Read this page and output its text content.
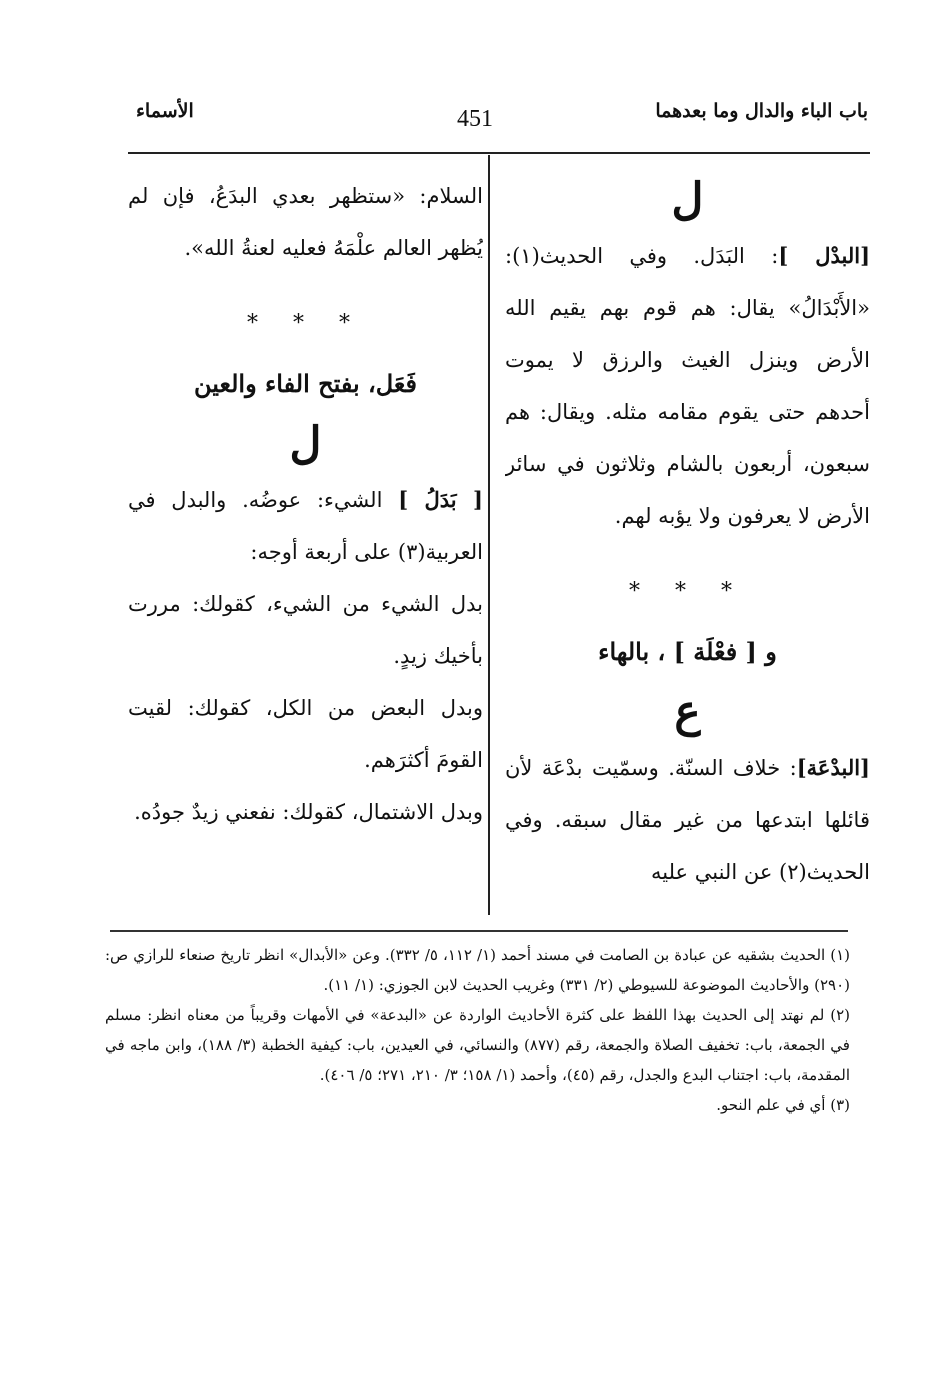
باب الباء والدال وما بعدهما
451
الأسماء
ل

[البدْل ]: البَدَل. وفي الحديث(١): «الأَبْدَالُ» يقال: هم قوم بهم يقيم الله الأرض وينزل الغيث والرزق لا يموت أحدهم حتى يقوم مقامه مثله. ويقال: هم سبعون، أربعون بالشام وثلاثون في سائر الأرض لا يعرفون ولا يؤبه لهم.

* * *
و [ فعْلَة ] ، بالهاء
ع

[البدْعَة]: خلاف السنّة. وسمّيت بدْعَة لأن قائلها ابتدعها من غير مقال سبقه. وفي الحديث(٢) عن النبي عليه

السلام: «ستظهر بعدي البدَعُ، فإن لم يُظهر العالم علْمَهُ فعليه لعنةُ الله».

* * *
فَعَل، بفتح الفاء والعين
ل

[ بَدَلُ ] الشيء: عوضُه. والبدل في العربية(٣) على أربعة أوجه:

بدل الشيء من الشيء، كقولك: مررت بأخيك زيدٍ.

وبدل البعض من الكل، كقولك: لقيت القومَ أكثرَهم.

وبدل الاشتمال، كقولك: نفعني زيدٌ جودُه.

(١) الحديث بشقيه عن عبادة بن الصامت في مسند أحمد (١/ ١١٢، ٥/ ٣٣٢). وعن «الأبدال» انظر تاريخ صنعاء للرازي ص: (٢٩٠) والأحاديث الموضوعة للسيوطي (٢/ ٣٣١) وغريب الحديث لابن الجوزي: (١/ ١١).

(٢) لم نهتد إلى الحديث بهذا اللفظ على كثرة الأحاديث الواردة عن «البدعة» في الأمهات وقريباً من معناه انظر: مسلم في الجمعة، باب: تخفيف الصلاة والجمعة، رقم (٨٧٧) والنسائي، في العيدين، باب: كيفية الخطبة (٣/ ١٨٨)، وابن ماجه في المقدمة، باب: اجتناب البدع والجدل، رقم (٤٥)، وأحمد (١/ ١٥٨؛ ٣/ ٢١٠، ٢٧١؛ ٥/ ٤٠٦).

(٣) أي في علم النحو.
